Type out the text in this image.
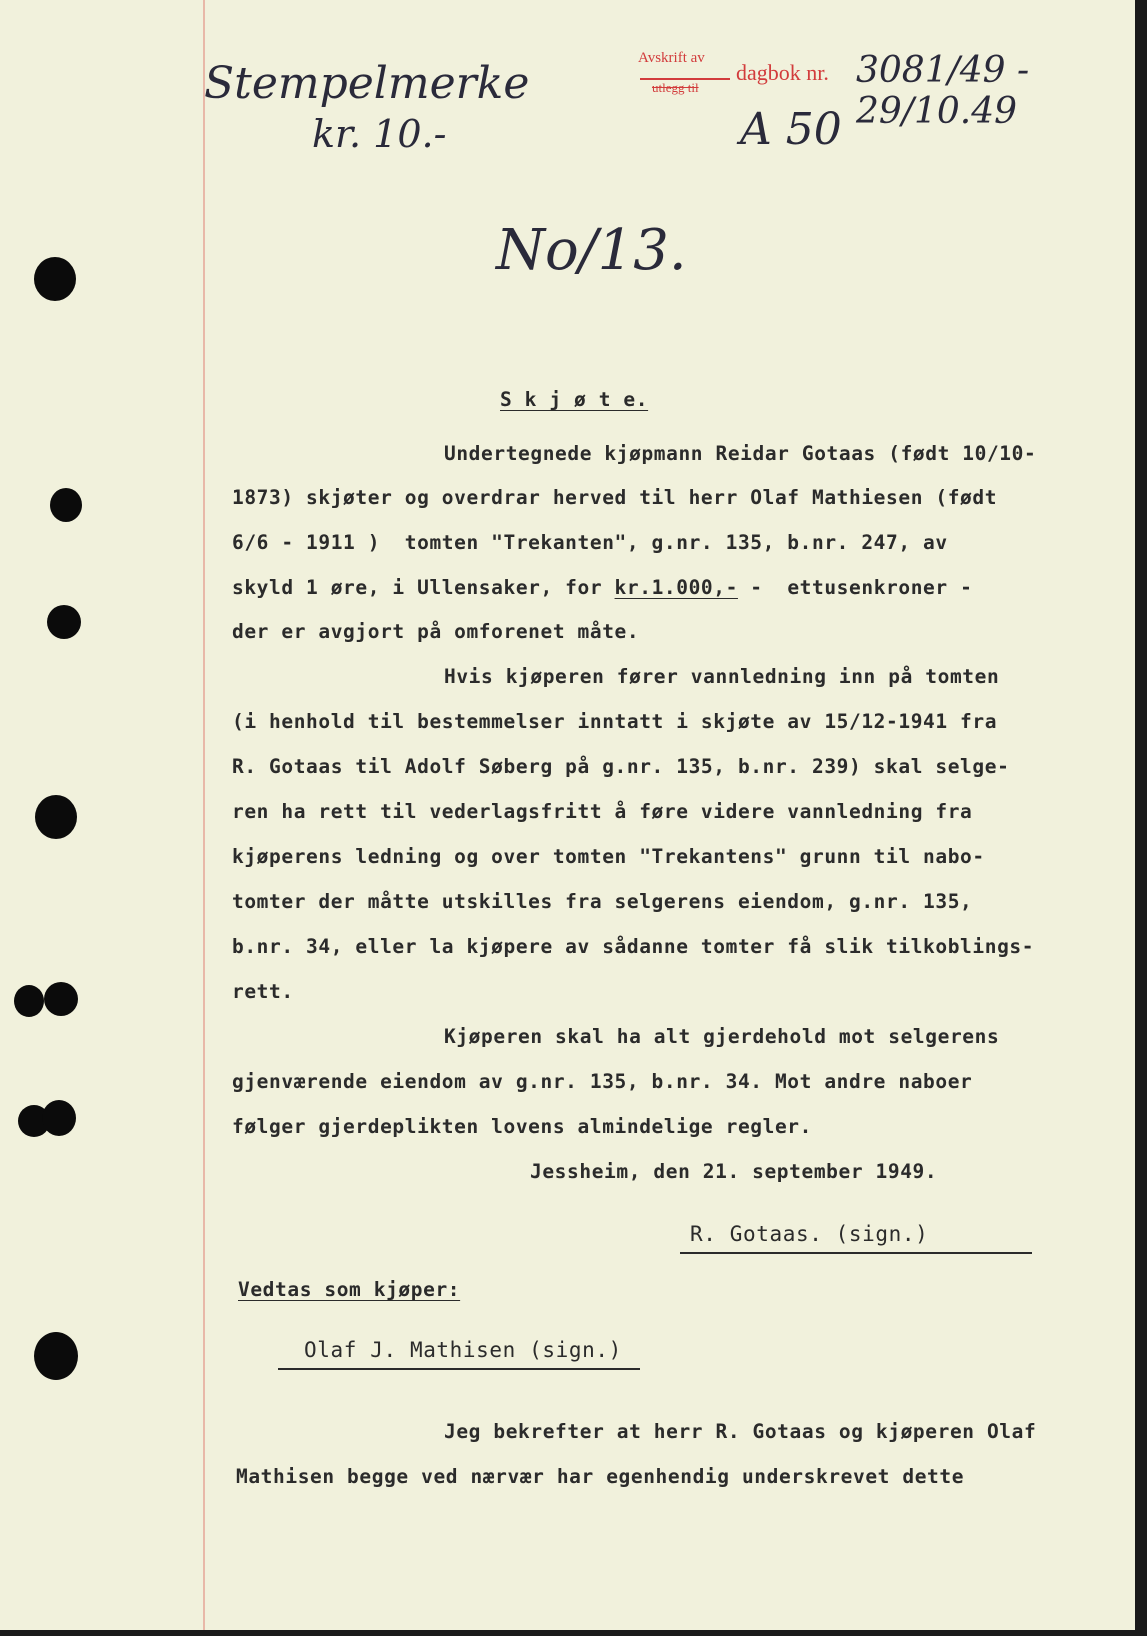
Stempelmerke
kr. 10.-
Avskrift av
utlegg til
dagbok nr. 3081/49 - 29/10.49
A 50
No/13.
S k j ø t e.
Undertegnede kjøpmann Reidar Gotaas (født 10/10-
1873) skjøter og overdrar herved til herr Olaf Mathiesen (født
6/6 - 1911 )  tomten "Trekanten", g.nr. 135, b.nr. 247, av
skyld 1 øre, i Ullensaker, for kr.1.000,- -  ettusenkroner -
der er avgjort på omforenet måte.
Hvis kjøperen fører vannledning inn på tomten
(i henhold til bestemmelser inntatt i skjøte av 15/12-1941 fra
R. Gotaas til Adolf Søberg på g.nr. 135, b.nr. 239) skal selge-
ren ha rett til vederlagsfritt å føre videre vannledning fra
kjøperens ledning og over tomten "Trekantens" grunn til nabo-
tomter der måtte utskilles fra selgerens eiendom, g.nr. 135,
b.nr. 34, eller la kjøpere av sådanne tomter få slik tilkoblings-
rett.
Kjøperen skal ha alt gjerdehold mot selgerens
gjenværende eiendom av g.nr. 135, b.nr. 34. Mot andre naboer
følger gjerdeplikten lovens almindelige regler.
Jessheim, den 21. september 1949.
R. Gotaas. (sign.)
Vedtas som kjøper:
Olaf J. Mathisen (sign.)
Jeg bekrefter at herr R. Gotaas og kjøperen Olaf
Mathisen begge ved nærvær har egenhendig underskrevet dette
